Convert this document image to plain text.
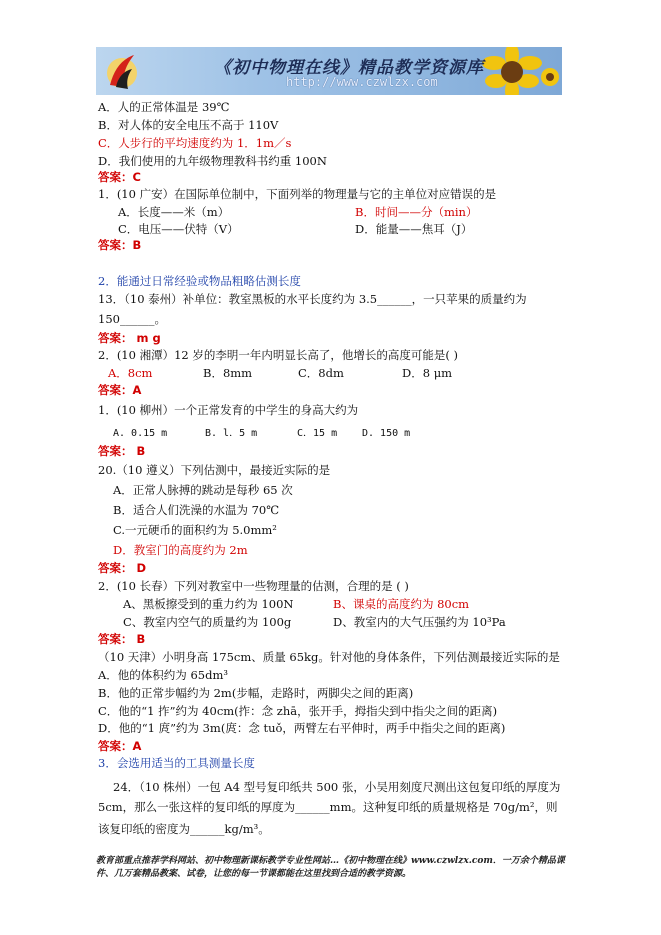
《初中物理在线》精品教学资源库
http://www.czwlzx.com
A．人的正常体温是 39℃
B．对人体的安全电压不高于 110V
C．人步行的平均速度约为 1．1m／s
D．我们使用的九年级物理教科书约重 100N
答案：C
1．(10 广安）在国际单位制中，下面列举的物理量与它的主单位对应错误的是
A．长度——米（m）	B．时间——分（min）
C．电压——伏特（V）	D．能量——焦耳（J）
答案：B
2．能通过日常经验或物品粗略估测长度
13．（10 泰州）补单位：教室黑板的水平长度约为 3.5______，一只苹果的质量约为
150______。
答案： m g
2．(10 湘潭）12 岁的李明一年内明显长高了，他增长的高度可能是( )
A．8cm	B．8mm	C．8dm	D．8 μm
答案：A
1．(10 柳州）一个正常发育的中学生的身高大约为
A. 0.15 m	B. l．5 m	C．15 m D. 150 m
答案： B
20.（10 遵义）下列估测中，最接近实际的是
A．正常人脉搏的跳动是每秒 65 次
B．适合人们洗澡的水温为 70℃
C.一元硬币的面积约为 5.0mm²
D．教室门的高度约为 2m
答案： D
2．(10 长春）下列对教室中一些物理量的估测，合理的是 ( )
A、黑板擦受到的重力约为 100N	B、课桌的高度约为 80cm
C、教室内空气的质量约为 100g	D、教室内的大气压强约为 10³Pa
答案： B
（10 天津）小明身高 175cm、质量 65kg。针对他的身体条件，下列估测最接近实际的是
A．他的体积约为 65dm³
B．他的正常步幅约为 2m(步幅，走路时，两脚尖之间的距离)
C．他的“1 拃”约为 40cm(拃：念 zhā，张开手，拇指尖到中指尖之间的距离)
D．他的“1 庹”约为 3m(庹：念 tuǒ，两臂左右平伸时，两手中指尖之间的距离)
答案：A
3．会选用适当的工具测量长度
24．（10 株州）一包 A4 型号复印纸共 500 张，小吴用刻度尺测出这包复印纸的厚度为
5cm，那么一张这样的复印纸的厚度为______mm。这种复印纸的质量规格是 70g/m²，则
该复印纸的密度为______kg/m³。
教育部重点推荐学科网站、初中物理新课标教学专业性网站…《初中物理在线》www.czwlzx.com．一万余个精品课件、几万套精品教案、试卷，让您的每一节课都能在这里找到合适的教学资源。
